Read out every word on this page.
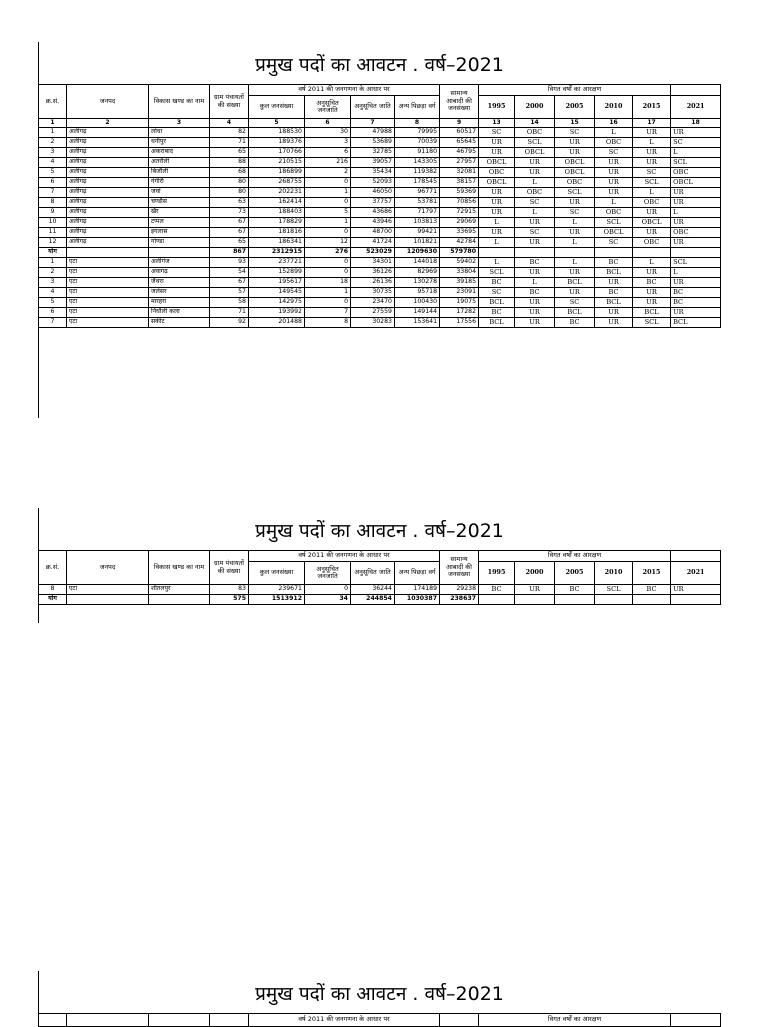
प्रमुख पदों का आवटन . वर्ष–2021
क्र.सं.	जनपद	विकास खण्ड का नाम	ग्राम पंचायतों की संख्या	वर्ष 2011 की जनगणना के आधार पर				सामान्य आबादी की जनसंख्या	विगत वर्षों का आरक्षण					
				कुल जनसंख्या	अनुसूचित जनजाति	अनुसूचित जाति	अन्य पिछड़ा वर्ग		1995	2000	2005	2010	2015	2021
1	2	3	4	5	6	7	8	9	13	14	15	16	17	18
1	अलीगढ़	लोधा	82	188530	30	47988	79995	60517	SC	OBC	SC	L	UR	UR
2	अलीगढ़	धनीपुर	71	189376	3	53689	70039	65645	UR	SCL	UR	OBC	L	SC
3	अलीगढ़	अकराबाद	65	170766	6	32785	91180	46795	UR	OBCL	UR	SC	UR	L
4	अलीगढ़	अतरौली	88	210515	216	39057	143305	27957	OBCL	UR	OBCL	UR	UR	SCL
5	अलीगढ़	बिजौली	68	186899	2	35434	119382	32081	OBC	UR	OBCL	UR	SC	OBC
6	अलीगढ़	गंगीरी	80	268755	0	52093	178545	38157	OBCL	L	OBC	UR	SCL	OBCL
7	अलीगढ़	जवां	80	202231	1	46050	96771	59369	UR	OBC	SCL	UR	L	UR
8	अलीगढ़	चण्डौस	63	162414	0	37757	53781	70856	UR	SC	UR	L	OBC	UR
9	अलीगढ़	खैर	73	188403	5	43686	71797	72915	UR	L	SC	OBC	UR	L
10	अलीगढ़	टप्पल	67	178829	1	43946	103813	29069	L	UR	L	SCL	OBCL	UR
11	अलीगढ़	इगलास	67	181816	0	48700	99421	33695	UR	SC	UR	OBCL	UR	OBC
12	अलीगढ़	गोण्डा	65	186341	12	41724	101821	42784	L	UR	L	SC	OBC	UR
योग			867	2312915	276	523029	1209630	579780						
1	एटा	अलीगंज	93	237721	0	34301	144018	59402	L	BC	L	BC	L	SCL
2	एटा	अवागढ़	54	152899	0	36126	82969	33804	SCL	UR	UR	BCL	UR	L
3	एटा	जैथरा	67	195617	18	26136	130278	39185	BC	L	BCL	UR	BC	UR
4	एटा	जलेसर	57	149545	1	30735	95718	23091	SC	BC	UR	BC	UR	BC
5	एटा	मारहरा	58	142975	0	23470	100430	19075	BCL	UR	SC	BCL	UR	BC
6	एटा	निधौली कला	71	193992	7	27559	149144	17282	BC	UR	BCL	UR	BCL	UR
7	एटा	सकीट	92	201488	8	30283	153641	17556	BCL	UR	BC	UR	SCL	BCL
प्रमुख पदों का आवटन . वर्ष–2021
क्र.सं.	जनपद	विकास खण्ड का नाम	ग्राम पंचायतों की संख्या	वर्ष 2011 की जनगणना के आधार पर				सामान्य आबादी की जनसंख्या	विगत वर्षों का आरक्षण					
				कुल जनसंख्या	अनुसूचित जनजाति	अनुसूचित जाति	अन्य पिछड़ा वर्ग		1995	2000	2005	2010	2015	2021
8	एटा	शीतलपुर	83	239671	0	36244	174189	29238	BC	UR	BC	SCL	BC	UR
योग			575	1513912	34	244854	1030387	238637						
प्रमुख पदों का आवटन . वर्ष–2021
				वर्ष 2011 की जनगणना के आधार पर		विगत वर्षों का आरक्षण	
